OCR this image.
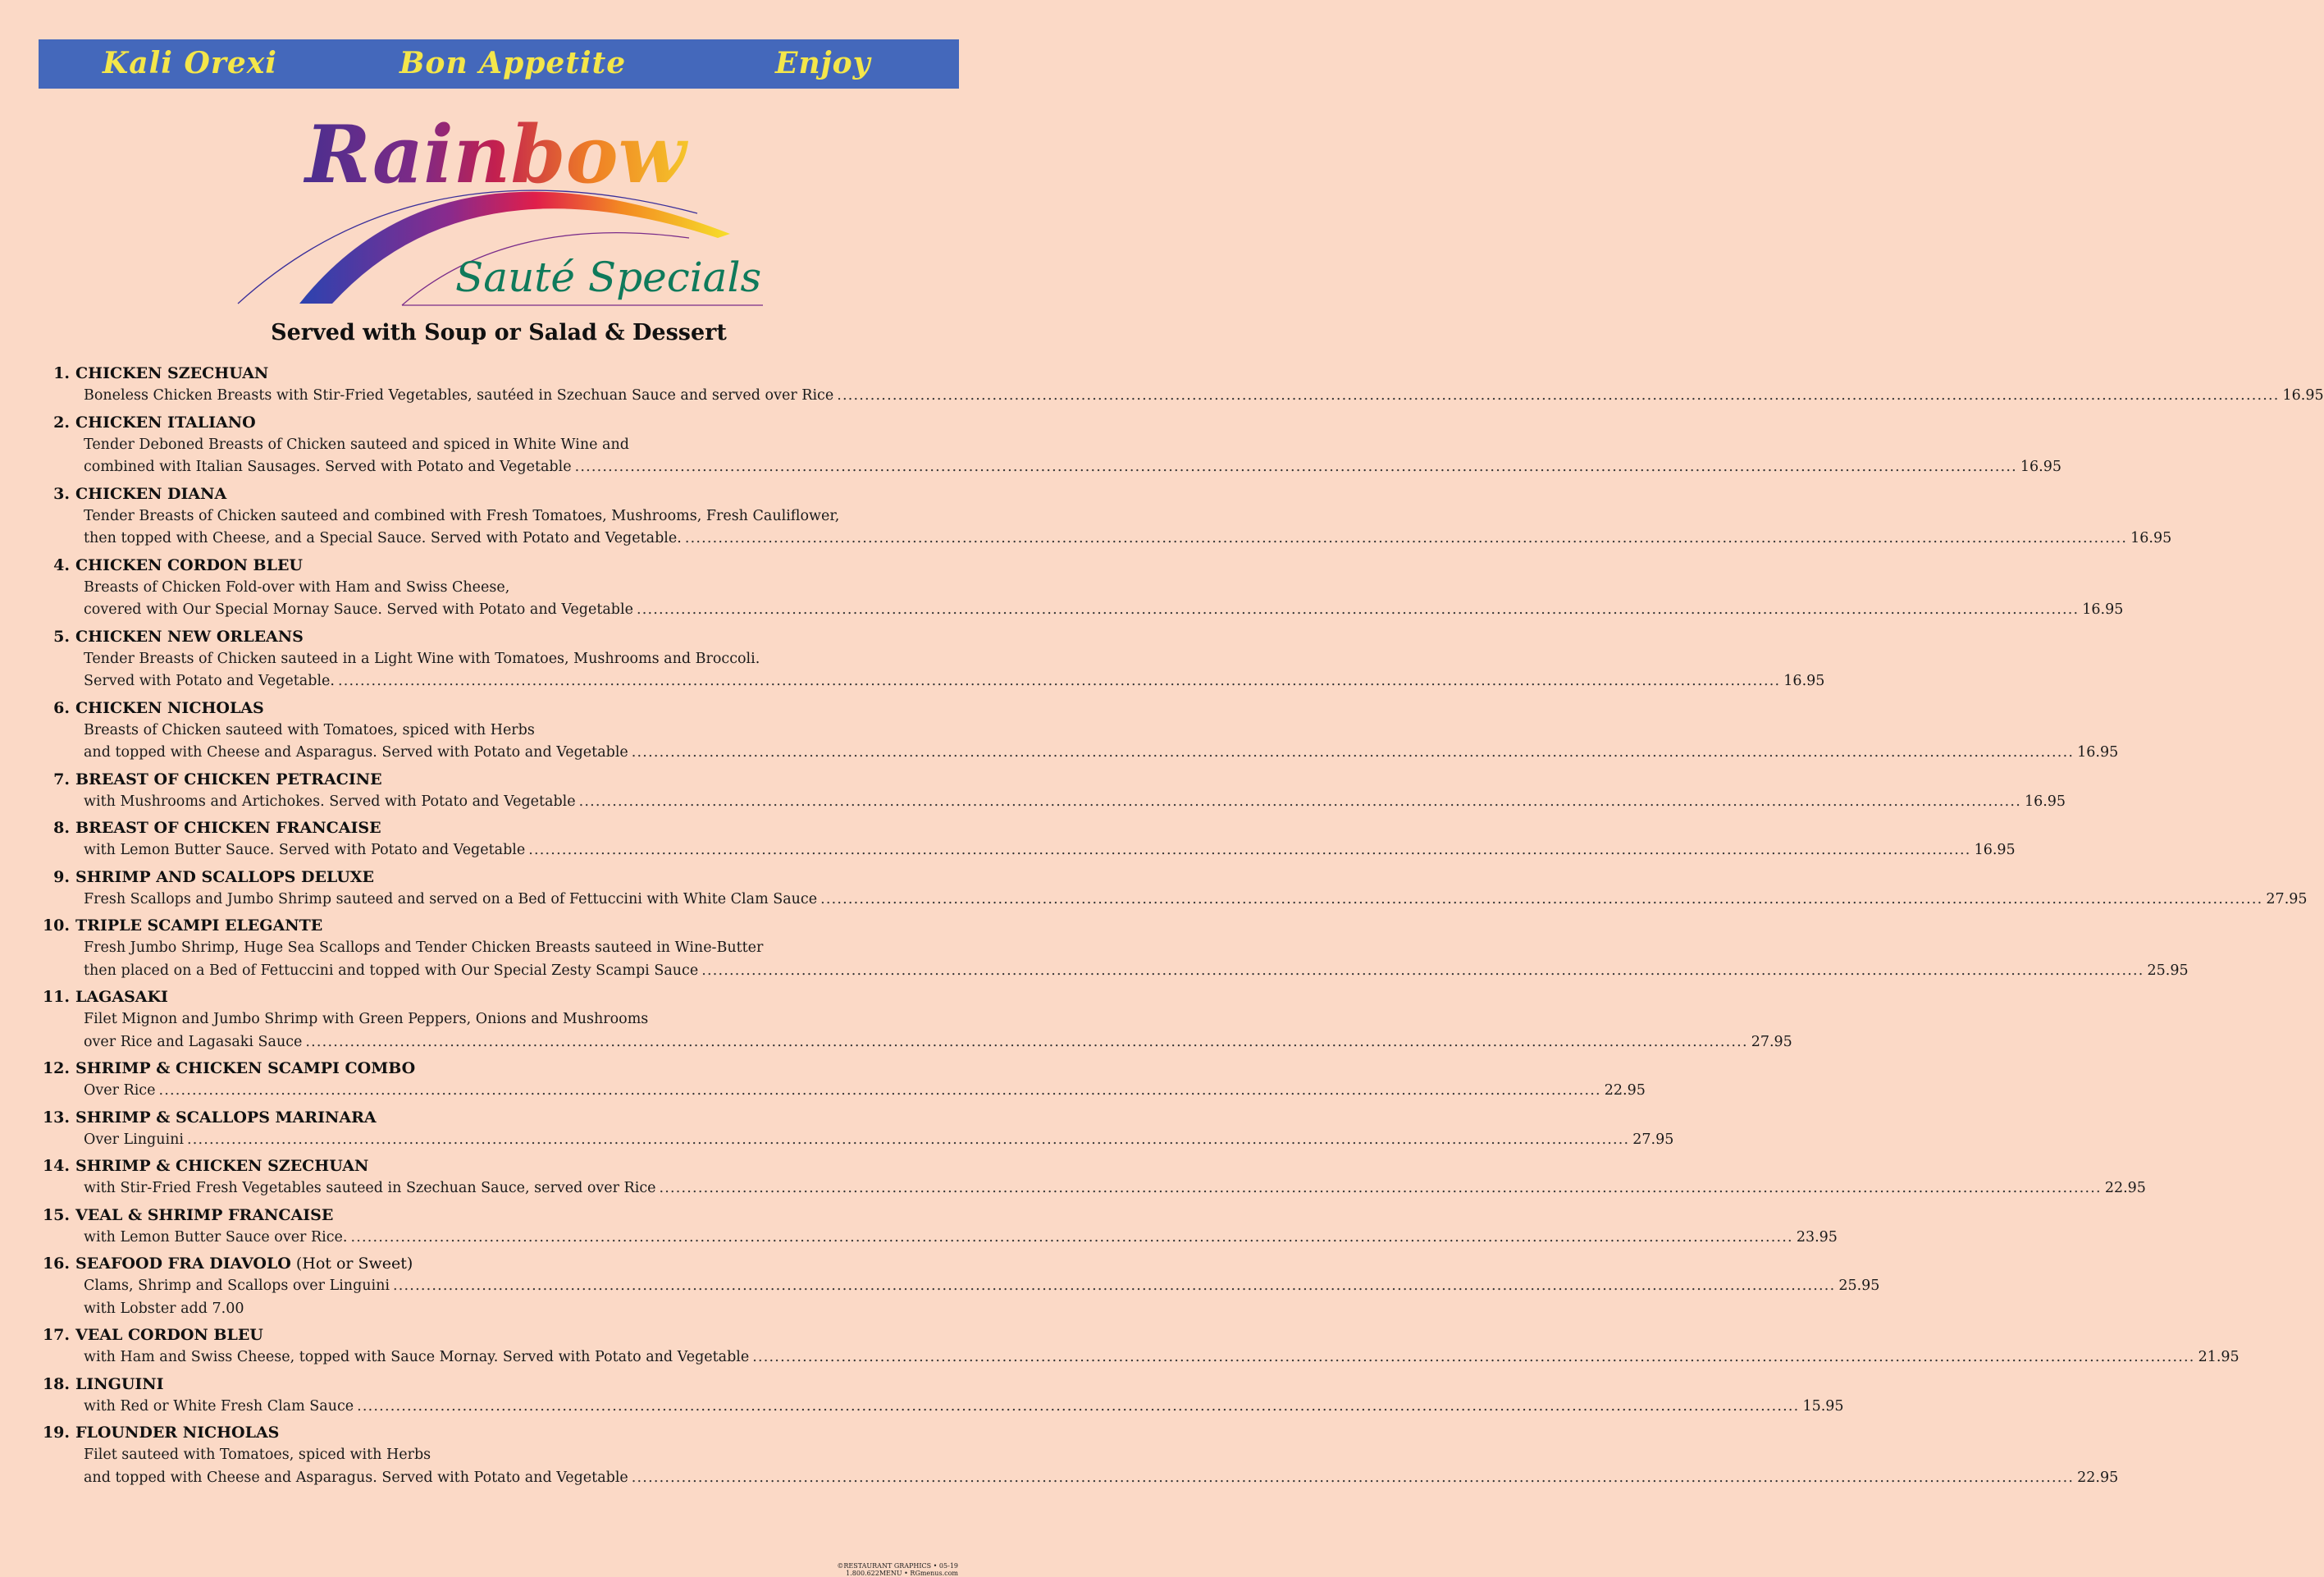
Kali Orexi	Bon Appetite	Enjoy
Rainbow
Sauté Specials
Served with Soup or Salad & Dessert
1. CHICKEN SZECHUAN
Boneless Chicken Breasts with Stir-Fried Vegetables, sautéed in Szechuan Sauce and served over Rice .................................................................................................................................................................................................................................................................... 16.95
2. CHICKEN ITALIANO
Tender Deboned Breasts of Chicken sauteed and spiced in White Wine and
combined with Italian Sausages. Served with Potato and Vegetable .................................................................................................................................................................................................................................................................... 16.95
3. CHICKEN DIANA
Tender Breasts of Chicken sauteed and combined with Fresh Tomatoes, Mushrooms, Fresh Cauliflower,
then topped with Cheese, and a Special Sauce. Served with Potato and Vegetable. .................................................................................................................................................................................................................................................................... 16.95
4. CHICKEN CORDON BLEU
Breasts of Chicken Fold-over with Ham and Swiss Cheese,
covered with Our Special Mornay Sauce. Served with Potato and Vegetable .................................................................................................................................................................................................................................................................... 16.95
5. CHICKEN NEW ORLEANS
Tender Breasts of Chicken sauteed in a Light Wine with Tomatoes, Mushrooms and Broccoli.
Served with Potato and Vegetable. .................................................................................................................................................................................................................................................................... 16.95
6. CHICKEN NICHOLAS
Breasts of Chicken sauteed with Tomatoes, spiced with Herbs
and topped with Cheese and Asparagus. Served with Potato and Vegetable .................................................................................................................................................................................................................................................................... 16.95
7. BREAST OF CHICKEN PETRACINE
with Mushrooms and Artichokes. Served with Potato and Vegetable .................................................................................................................................................................................................................................................................... 16.95
8. BREAST OF CHICKEN FRANCAISE
with Lemon Butter Sauce. Served with Potato and Vegetable .................................................................................................................................................................................................................................................................... 16.95
9. SHRIMP AND SCALLOPS DELUXE
Fresh Scallops and Jumbo Shrimp sauteed and served on a Bed of Fettuccini with White Clam Sauce .................................................................................................................................................................................................................................................................... 27.95
10. TRIPLE SCAMPI ELEGANTE
Fresh Jumbo Shrimp, Huge Sea Scallops and Tender Chicken Breasts sauteed in Wine-Butter
then placed on a Bed of Fettuccini and topped with Our Special Zesty Scampi Sauce .................................................................................................................................................................................................................................................................... 25.95
11. LAGASAKI
Filet Mignon and Jumbo Shrimp with Green Peppers, Onions and Mushrooms
over Rice and Lagasaki Sauce .................................................................................................................................................................................................................................................................... 27.95
12. SHRIMP & CHICKEN SCAMPI COMBO
Over Rice .................................................................................................................................................................................................................................................................... 22.95
13. SHRIMP & SCALLOPS MARINARA
Over Linguini .................................................................................................................................................................................................................................................................... 27.95
14. SHRIMP & CHICKEN SZECHUAN
with Stir-Fried Fresh Vegetables sauteed in Szechuan Sauce, served over Rice .................................................................................................................................................................................................................................................................... 22.95
15. VEAL & SHRIMP FRANCAISE
with Lemon Butter Sauce over Rice. .................................................................................................................................................................................................................................................................... 23.95
16. SEAFOOD FRA DIAVOLO (Hot or Sweet)
Clams, Shrimp and Scallops over Linguini .................................................................................................................................................................................................................................................................... 25.95
with Lobster add 7.00
17. VEAL CORDON BLEU
with Ham and Swiss Cheese, topped with Sauce Mornay. Served with Potato and Vegetable .................................................................................................................................................................................................................................................................... 21.95
18. LINGUINI
with Red or White Fresh Clam Sauce .................................................................................................................................................................................................................................................................... 15.95
19. FLOUNDER NICHOLAS
Filet sauteed with Tomatoes, spiced with Herbs
and topped with Cheese and Asparagus. Served with Potato and Vegetable .................................................................................................................................................................................................................................................................... 22.95
©RESTAURANT GRAPHICS • 05-19
1.800.622MENU • RGmenus.com
